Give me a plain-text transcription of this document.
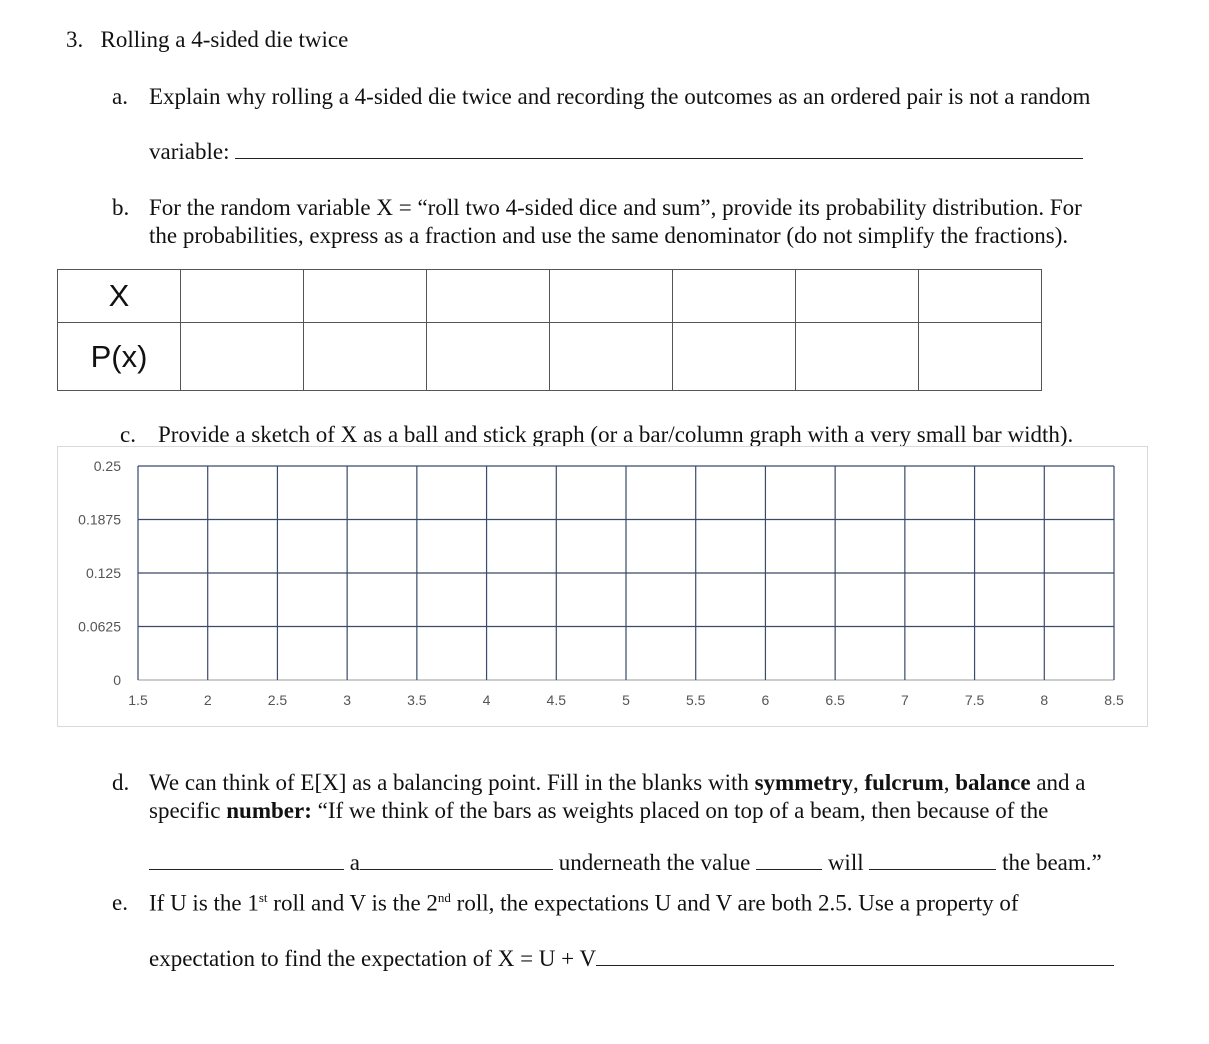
3. Rolling a 4-sided die twice
a. Explain why rolling a 4-sided die twice and recording the outcomes as an ordered pair is not a random
variable:
b. For the random variable X = “roll two 4-sided dice and sum”, provide its probability distribution. For
the probabilities, express as a fraction and use the same denominator (do not simplify the fractions).
X							
P(x)							
c. Provide a sketch of X as a ball and stick graph (or a bar/column graph with a very small bar width).
0
0.0625
0.125
0.1875
0.25
1.5	2	2.5	3	3.5	4	4.5	5	5.5	6	6.5	7	7.5	8	8.5
d. We can think of E[X] as a balancing point. Fill in the blanks with symmetry, fulcrum, balance and a
specific number: “If we think of the bars as weights placed on top of a beam, then because of the
a	underneath the value	will	the beam.”
e. If U is the 1st roll and V is the 2nd roll, the expectations U and V are both 2.5. Use a property of
expectation to find the expectation of X = U + V
